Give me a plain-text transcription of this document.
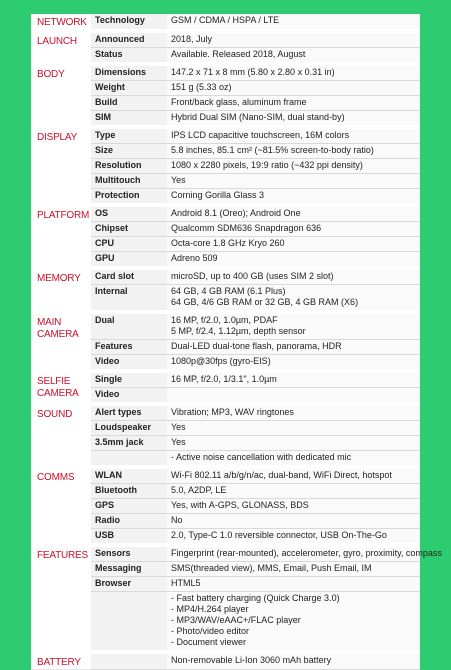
NETWORK	Technology	GSM / CDMA / HSPA / LTE
LAUNCH	Announced	2018, July
	Status	Available. Released 2018, August
BODY	Dimensions	147.2 x 71 x 8 mm (5.80 x 2.80 x 0.31 in)
	Weight	151 g (5.33 oz)
	Build	Front/back glass, aluminum frame
	SIM	Hybrid Dual SIM (Nano-SIM, dual stand-by)
DISPLAY	Type	IPS LCD capacitive touchscreen, 16M colors
	Size	5.8 inches, 85.1 cm² (~81.5% screen-to-body ratio)
	Resolution	1080 x 2280 pixels, 19:9 ratio (~432 ppi density)
	Multitouch	Yes
	Protection	Corning Gorilla Glass 3
PLATFORM	OS	Android 8.1 (Oreo); Android One
	Chipset	Qualcomm SDM636 Snapdragon 636
	CPU	Octa-core 1.8 GHz Kryo 260
	GPU	Adreno 509
MEMORY	Card slot	microSD, up to 400 GB (uses SIM 2 slot)
	Internal	64 GB, 4 GB RAM (6.1 Plus)
64 GB, 4/6 GB RAM or 32 GB, 4 GB RAM (X6)
MAIN CAMERA	Dual	16 MP, f/2.0, 1.0µm, PDAF
5 MP, f/2.4, 1.12µm, depth sensor
	Features	Dual-LED dual-tone flash, panorama, HDR
	Video	1080p@30fps (gyro-EIS)
SELFIE CAMERA	Single	16 MP, f/2.0, 1/3.1", 1.0µm
	Video	
SOUND	Alert types	Vibration; MP3, WAV ringtones
	Loudspeaker	Yes
	3.5mm jack	Yes
		- Active noise cancellation with dedicated mic
COMMS	WLAN	Wi-Fi 802.11 a/b/g/n/ac, dual-band, WiFi Direct, hotspot
	Bluetooth	5.0, A2DP, LE
	GPS	Yes, with A-GPS, GLONASS, BDS
	Radio	No
	USB	2.0, Type-C 1.0 reversible connector, USB On-The-Go
FEATURES	Sensors	Fingerprint (rear-mounted), accelerometer, gyro, proximity, compass
	Messaging	SMS(threaded view), MMS, Email, Push Email, IM
	Browser	HTML5
		- Fast battery charging (Quick Charge 3.0)
- MP4/H.264 player
- MP3/WAV/eAAC+/FLAC player
- Photo/video editor
- Document viewer
BATTERY		Non-removable Li-Ion 3060 mAh battery
